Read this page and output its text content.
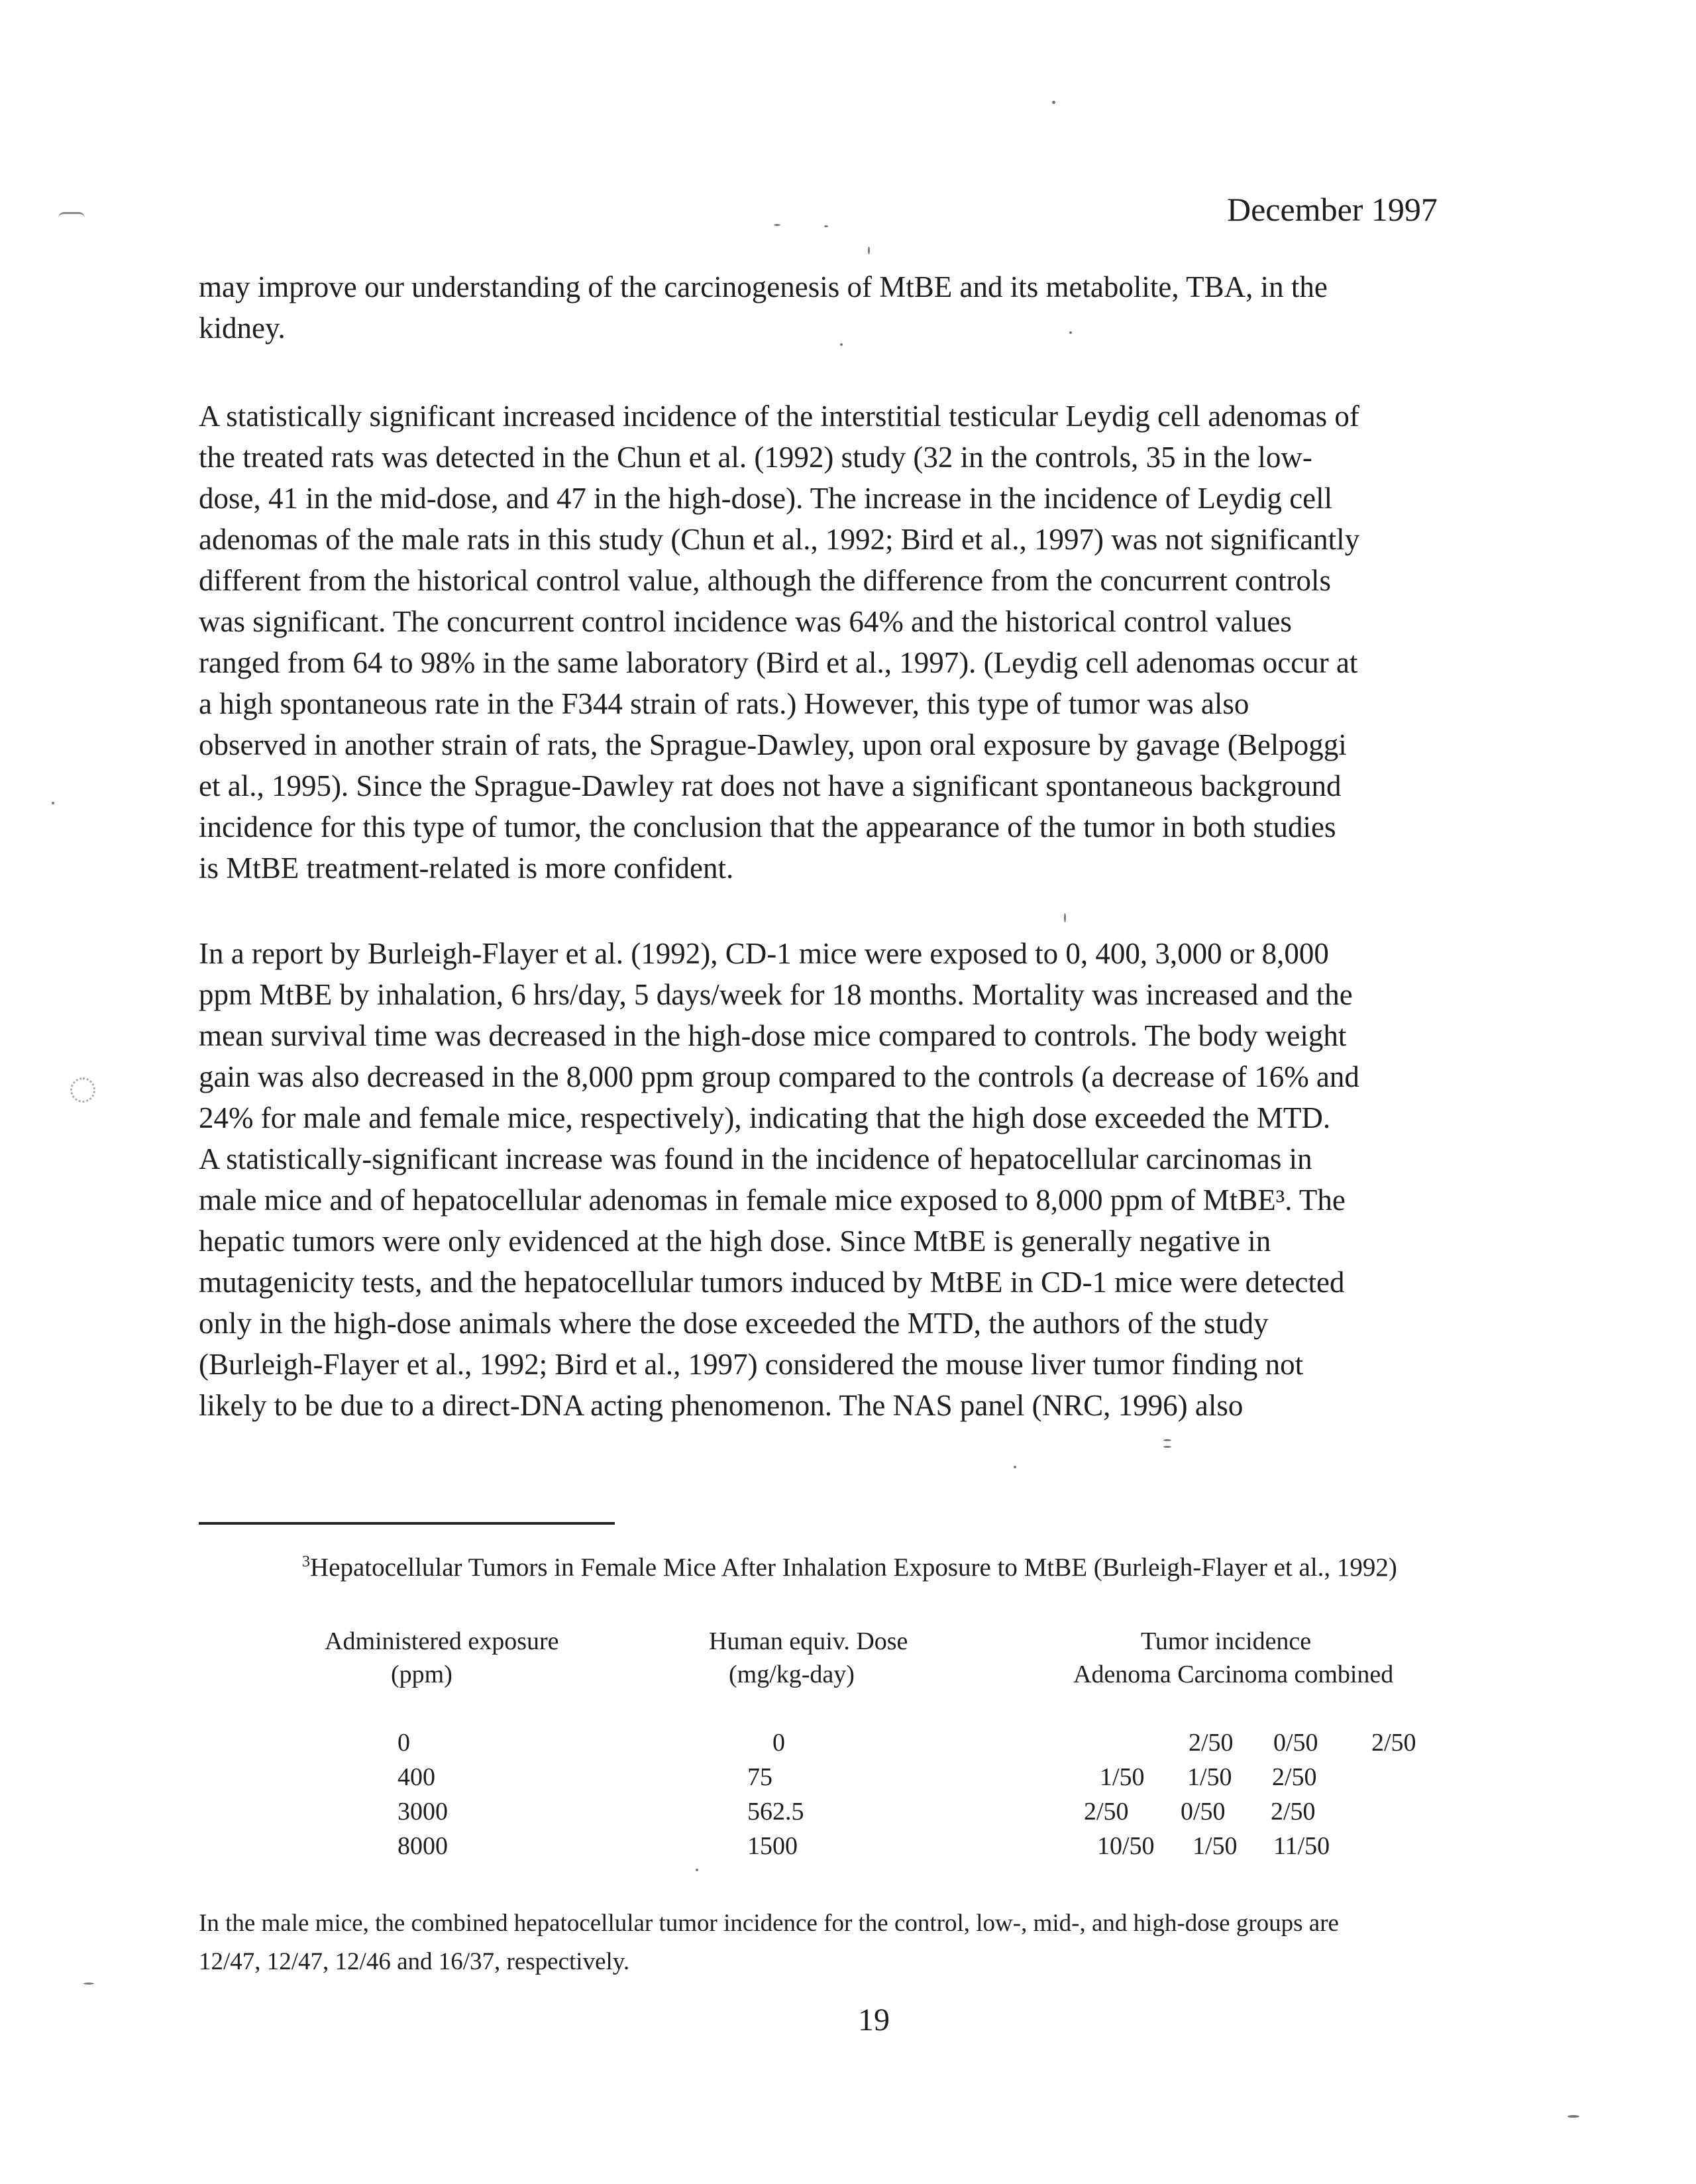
December 1997
may improve our understanding of the carcinogenesis of MtBE and its metabolite, TBA, in the
kidney.
A statistically significant increased incidence of the interstitial testicular Leydig cell adenomas of
the treated rats was detected in the Chun et al. (1992) study (32 in the controls, 35 in the low-
dose, 41 in the mid-dose, and 47 in the high-dose). The increase in the incidence of Leydig cell
adenomas of the male rats in this study (Chun et al., 1992; Bird et al., 1997) was not significantly
different from the historical control value, although the difference from the concurrent controls
was significant. The concurrent control incidence was 64% and the historical control values
ranged from 64 to 98% in the same laboratory (Bird et al., 1997). (Leydig cell adenomas occur at
a high spontaneous rate in the F344 strain of rats.) However, this type of tumor was also
observed in another strain of rats, the Sprague-Dawley, upon oral exposure by gavage (Belpoggi
et al., 1995). Since the Sprague-Dawley rat does not have a significant spontaneous background
incidence for this type of tumor, the conclusion that the appearance of the tumor in both studies
is MtBE treatment-related is more confident.
In a report by Burleigh-Flayer et al. (1992), CD-1 mice were exposed to 0, 400, 3,000 or 8,000
ppm MtBE by inhalation, 6 hrs/day, 5 days/week for 18 months. Mortality was increased and the
mean survival time was decreased in the high-dose mice compared to controls. The body weight
gain was also decreased in the 8,000 ppm group compared to the controls (a decrease of 16% and
24% for male and female mice, respectively), indicating that the high dose exceeded the MTD.
A statistically-significant increase was found in the incidence of hepatocellular carcinomas in
male mice and of hepatocellular adenomas in female mice exposed to 8,000 ppm of MtBE³. The
hepatic tumors were only evidenced at the high dose. Since MtBE is generally negative in
mutagenicity tests, and the hepatocellular tumors induced by MtBE in CD-1 mice were detected
only in the high-dose animals where the dose exceeded the MTD, the authors of the study
(Burleigh-Flayer et al., 1992; Bird et al., 1997) considered the mouse liver tumor finding not
likely to be due to a direct-DNA acting phenomenon. The NAS panel (NRC, 1996) also
$^3$Hepatocellular Tumors in Female Mice After Inhalation Exposure to MtBE (Burleigh-Flayer et al., 1992)
Administered exposure
(ppm)
Human equiv. Dose
(mg/kg-day)
Tumor incidence
Adenoma Carcinoma combined
0	0	2/50 0/50 2/50
400	75	1/50 1/50 2/50
3000	562.5	2/50 0/50 2/50
8000	1500	10/50 1/50 11/50
In the male mice, the combined hepatocellular tumor incidence for the control, low-, mid-, and high-dose groups are
12/47, 12/47, 12/46 and 16/37, respectively.
19
